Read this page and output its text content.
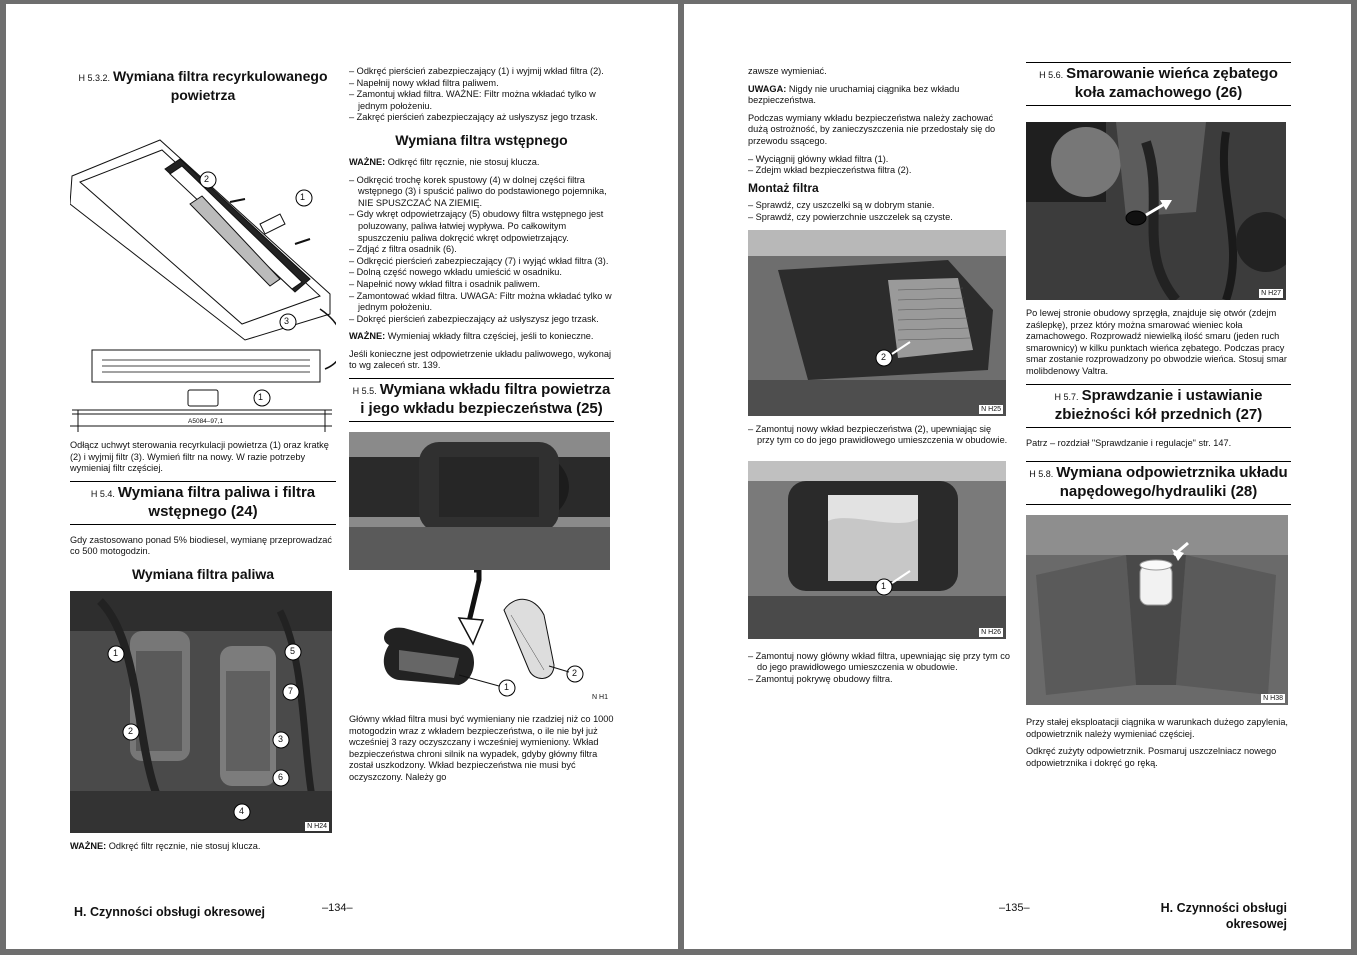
H 5.3.2. Wymiana filtra recyrkulowanego powietrza
2
1
3
1
A5084–97,1

Odłącz uchwyt sterowania recyrkulacji powietrza (1) oraz kratkę (2) i wyjmij filtr (3). Wymień filtr na nowy. W razie potrzeby wymieniaj filtr częściej.

H 5.4. Wymiana filtra paliwa i filtra wstępnego (24)

Gdy zastosowano ponad 5% biodiesel, wymianę przeprowadzać co 500 motogodzin.

Wymiana filtra paliwa
1
2
5
7
3
6
4
N H24

WAŻNE: Odkręć filtr ręcznie, nie stosuj klucza.

– Odkręć pierścień zabezpieczający (1) i wyjmij wkład filtra (2).
– Napełnij nowy wkład filtra paliwem.
– Zamontuj wkład filtra. WAŻNE: Filtr można wkładać tylko w jednym położeniu.
– Zakręć pierścień zabezpieczający aż usłyszysz jego trzask.
Wymiana filtra wstępnego

WAŻNE: Odkręć filtr ręcznie, nie stosuj klucza.

– Odkręcić trochę korek spustowy (4) w dolnej części filtra wstępnego (3) i spuścić paliwo do podstawionego pojemnika, NIE SPUSZCZAĆ NA ZIEMIĘ.
– Gdy wkręt odpowietrzający (5) obudowy filtra wstępnego jest poluzowany, paliwa łatwiej wypływa. Po całkowitym spuszczeniu paliwa dokręcić wkręt odpowietrzający.
– Zdjąć z filtra osadnik (6).
– Odkręcić pierścień zabezpieczający (7) i wyjąć wkład filtra (3).
– Dolną część nowego wkładu umieścić w osadniku.
– Napełnić nowy wkład filtra i osadnik paliwem.
– Zamontować wkład filtra. UWAGA: Filtr można wkładać tylko w jednym położeniu.
– Dokręć pierścień zabezpieczający aż usłyszysz jego trzask.

WAŻNE: Wymieniaj wkłady filtra częściej, jeśli to konieczne.

Jeśli konieczne jest odpowietrzenie układu paliwowego, wykonaj to wg zaleceń str. 139.

H 5.5. Wymiana wkładu filtra powietrza i jego wkładu bezpieczeństwa (25)
1
2
N H1

Główny wkład filtra musi być wymieniany nie rzadziej niż co 1000 motogodzin wraz z wkładem bezpieczeństwa, o ile nie był już wcześniej 3 razy oczyszczany i wcześniej wymieniony. Wkład bezpieczeństwa chroni silnik na wypadek, gdyby główny filtra został uszkodzony. Wkład bezpieczeństwa nie musi być oczyszczony. Należy go

H. Czynności obsługi okresowej	–134–

zawsze wymieniać.

UWAGA: Nigdy nie uruchamiaj ciągnika bez wkładu bezpieczeństwa.

Podczas wymiany wkładu bezpieczeństwa należy zachować dużą ostrożność, by zanieczyszczenia nie przedostały się do przewodu ssącego.

– Wyciągnij główny wkład filtra (1).
– Zdejm wkład bezpieczeństwa filtra (2).
Montaż filtra
– Sprawdź, czy uszczelki są w dobrym stanie.
– Sprawdź, czy powierzchnie uszczelek są czyste.
2
N H25
– Zamontuj nowy wkład bezpieczeństwa (2), upewniając się przy tym co do jego prawidłowego umieszczenia w obudowie.
1
N H26
– Zamontuj nowy główny wkład filtra, upewniając się przy tym co do jego prawidłowego umieszczenia w obudowie.
– Zamontuj pokrywę obudowy filtra.
H 5.6. Smarowanie wieńca zębatego koła zamachowego (26)
N H27

Po lewej stronie obudowy sprzęgła, znajduje się otwór (zdejm zaślepkę), przez który można smarować wieniec koła zamachowego. Rozprowadź niewielką ilość smaru (jeden ruch smarownicy) w kilku punktach wieńca zębatego. Podczas pracy smar zostanie rozprowadzony po obwodzie wieńca. Stosuj smar molibdenowy Valtra.

H 5.7. Sprawdzanie i ustawianie zbieżności kół przednich (27)

Patrz – rozdział "Sprawdzanie i regulacje" str. 147.

H 5.8. Wymiana odpowietrznika układu napędowego/hydrauliki (28)
N H38

Przy stałej eksploatacji ciągnika w warunkach dużego zapylenia, odpowietrznik należy wymieniać częściej.

Odkręć zużyty odpowietrznik. Posmaruj uszczelniacz nowego odpowietrznika i dokręć go ręką.

–135–	H. Czynności obsługi okresowej
